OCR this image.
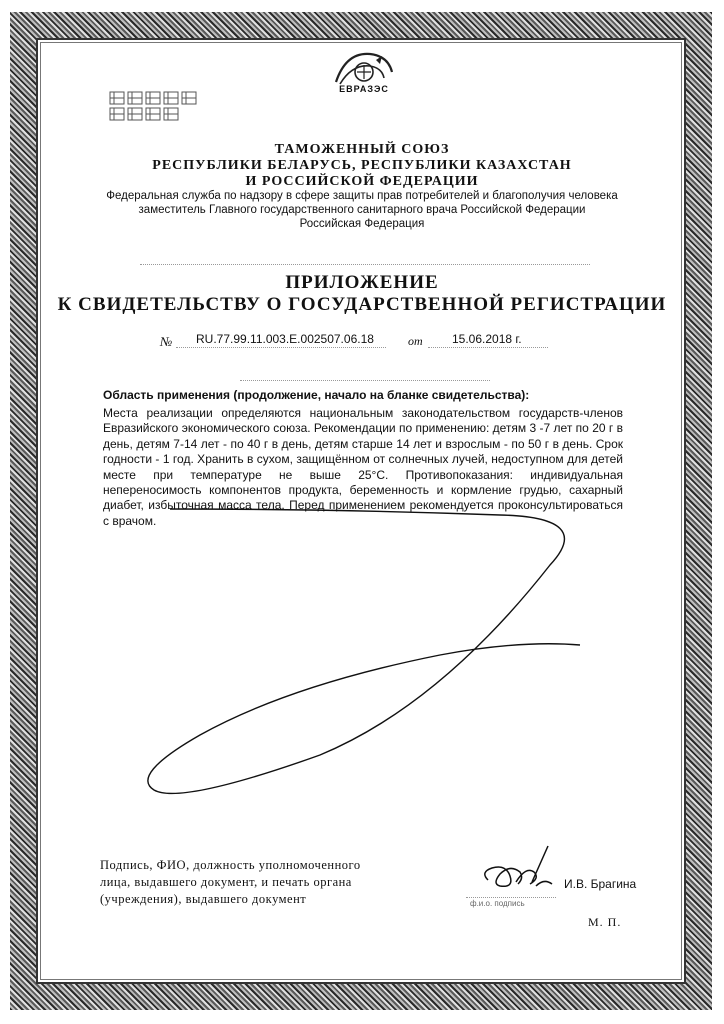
ЕВРАЗЭС
ТАМОЖЕННЫЙ СОЮЗ
РЕСПУБЛИКИ БЕЛАРУСЬ, РЕСПУБЛИКИ КАЗАХСТАН
И РОССИЙСКОЙ ФЕДЕРАЦИИ
Федеральная служба по надзору в сфере защиты прав потребителей и благополучия человека
заместитель Главного государственного санитарного врача Российской Федерации
Российская Федерация
ПРИЛОЖЕНИЕ
К СВИДЕТЕЛЬСТВУ О ГОСУДАРСТВЕННОЙ РЕГИСТРАЦИИ
№ RU.77.99.11.003.Е.002507.06.18	от 15.06.2018 г.
Область применения (продолжение, начало на бланке свидетельства):
Места реализации определяются национальным законодательством государств-членов Евразийского экономического союза. Рекомендации по применению: детям 3 -7 лет по 20 г в день, детям 7-14 лет - по 40 г в день, детям старше 14 лет и взрослым - по 50 г в день. Срок годности - 1 год. Хранить в сухом, защищённом от солнечных лучей, недоступном для детей месте при температуре не выше 25°С. Противопоказания: индивидуальная непереносимость компонентов продукта, беременность и кормление грудью, сахарный диабет, избыточная масса тела. Перед применением рекомендуется проконсультироваться с врачом.
Подпись, ФИО, должность уполномоченного
лица, выдавшего документ, и печать органа
(учреждения), выдавшего документ
И.В. Брагина
ф.и.о. подпись
М. П.
